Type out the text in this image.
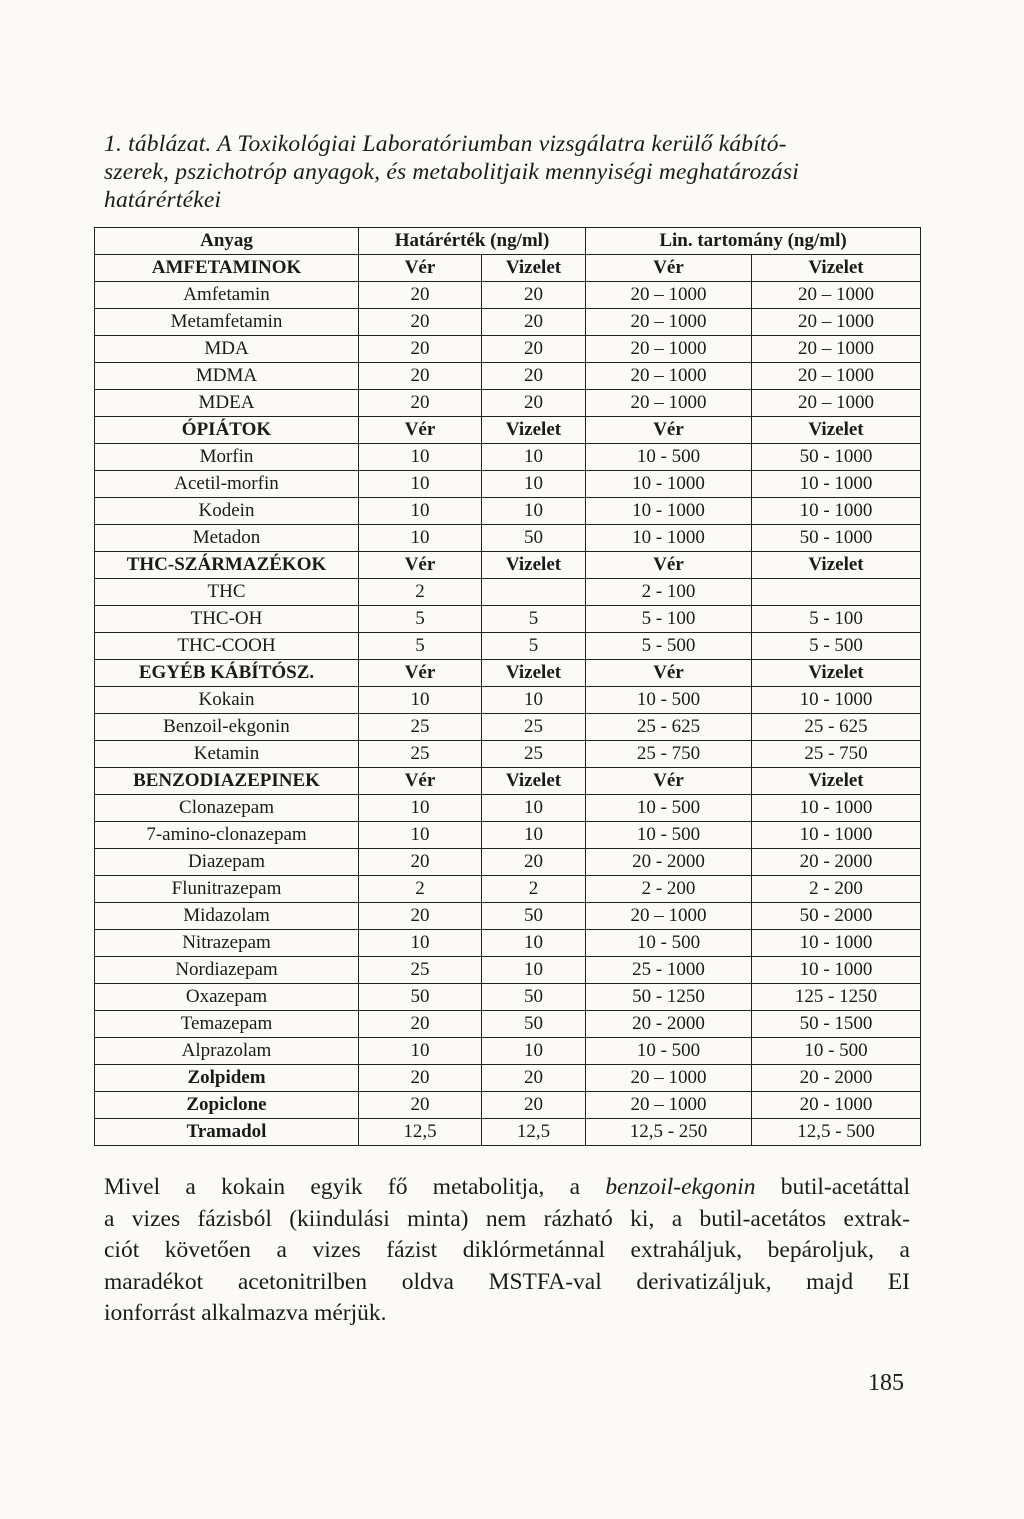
1. táblázat. A Toxikológiai Laboratóriumban vizsgálatra kerülő kábító-
szerek, pszichotróp anyagok, és metabolitjaik mennyiségi meghatározási
határértékei
Anyag	Határérték (ng/ml)		Lin. tartomány (ng/ml)	
AMFETAMINOK	Vér	Vizelet	Vér	Vizelet
Amfetamin	20	20	20 – 1000	20 – 1000
Metamfetamin	20	20	20 – 1000	20 – 1000
MDA	20	20	20 – 1000	20 – 1000
MDMA	20	20	20 – 1000	20 – 1000
MDEA	20	20	20 – 1000	20 – 1000
ÓPIÁTOK	Vér	Vizelet	Vér	Vizelet
Morfin	10	10	10 - 500	50 - 1000
Acetil-morfin	10	10	10 - 1000	10 - 1000
Kodein	10	10	10 - 1000	10 - 1000
Metadon	10	50	10 - 1000	50 - 1000
THC-SZÁRMAZÉKOK	Vér	Vizelet	Vér	Vizelet
THC	2		2 - 100	
THC-OH	5	5	5 - 100	5 - 100
THC-COOH	5	5	5 - 500	5 - 500
EGYÉB KÁBÍTÓSZ.	Vér	Vizelet	Vér	Vizelet
Kokain	10	10	10 - 500	10 - 1000
Benzoil-ekgonin	25	25	25 - 625	25 - 625
Ketamin	25	25	25 - 750	25 - 750
BENZODIAZEPINEK	Vér	Vizelet	Vér	Vizelet
Clonazepam	10	10	10 - 500	10 - 1000
7-amino-clonazepam	10	10	10 - 500	10 - 1000
Diazepam	20	20	20 - 2000	20 - 2000
Flunitrazepam	2	2	2 - 200	2 - 200
Midazolam	20	50	20 – 1000	50 - 2000
Nitrazepam	10	10	10 - 500	10 - 1000
Nordiazepam	25	10	25 - 1000	10 - 1000
Oxazepam	50	50	50 - 1250	125 - 1250
Temazepam	20	50	20 - 2000	50 - 1500
Alprazolam	10	10	10 - 500	10 - 500
Zolpidem	20	20	20 – 1000	20 - 2000
Zopiclone	20	20	20 – 1000	20 - 1000
Tramadol	12,5	12,5	12,5 - 250	12,5 - 500
Mivel a kokain egyik fő metabolitja, a benzoil-ekgonin butil-acetáttal
a vizes fázisból (kiindulási minta) nem rázható ki, a butil-acetátos extrak-
ciót követően a vizes fázist diklórmetánnal extraháljuk, bepároljuk, a
maradékot acetonitrilben oldva MSTFA-val derivatizáljuk, majd EI
ionforrást alkalmazva mérjük.
185
